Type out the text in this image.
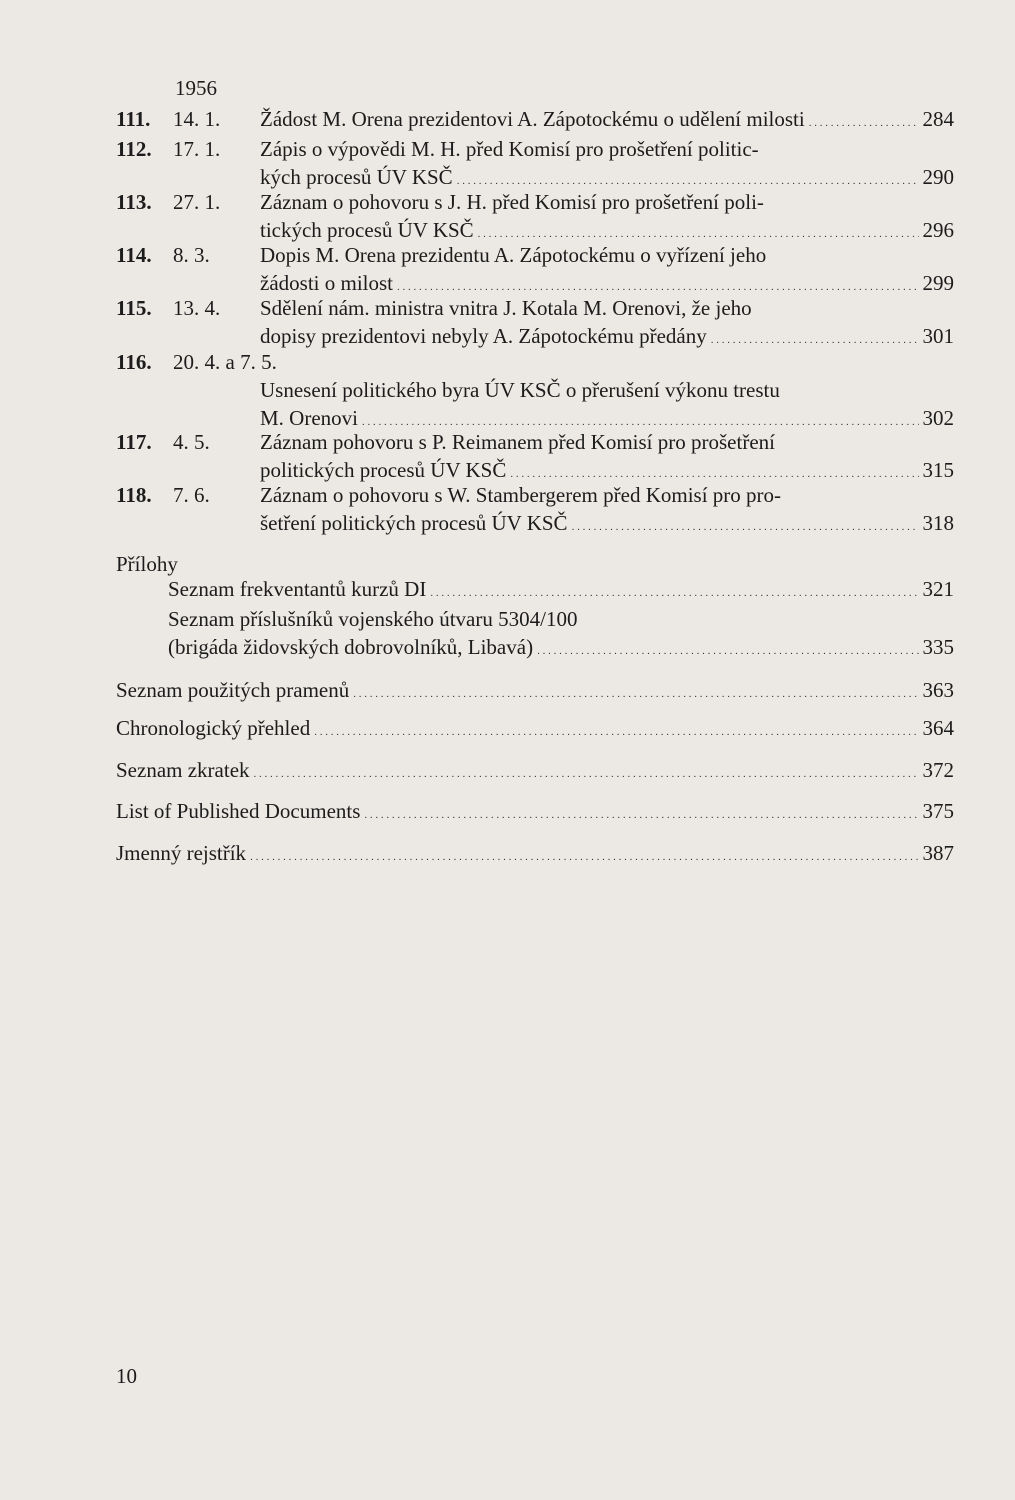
1956
111. 14. 1. Žádost M. Orena prezidentovi A. Zápotockému o udělení milosti . . .	284
112. 17. 1. Zápis o výpovědi M. H. před Komisí pro prošetření politic-
kých procesů ÚV KSČ . . .	290
113. 27. 1. Záznam o pohovoru s J. H. před Komisí pro prošetření poli-
tických procesů ÚV KSČ . . .	296
114. 8. 3. Dopis M. Orena prezidentu A. Zápotockému o vyřízení jeho
žádosti o milost . . .	299
115. 13. 4. Sdělení nám. ministra vnitra J. Kotala M. Orenovi, že jeho
dopisy prezidentovi nebyly A. Zápotockému předány . . .	301
116. 20. 4. a 7. 5.
Usnesení politického byra ÚV KSČ o přerušení výkonu trestu
M. Orenovi . . .	302
117. 4. 5. Záznam pohovoru s P. Reimanem před Komisí pro prošetření
politických procesů ÚV KSČ . . .	315
118. 7. 6. Záznam o pohovoru s W. Stambergerem před Komisí pro pro-
šetření politických procesů ÚV KSČ . . .	318
Přílohy
Seznam frekventantů kurzů DI . . .	321
Seznam příslušníků vojenského útvaru 5304/100
(brigáda židovských dobrovolníků, Libavá) . . .	335
Seznam použitých pramenů . . .	363
Chronologický přehled . . .	364
Seznam zkratek . . .	372
List of Published Documents . . .	375
Jmenný rejstřík . . .	387
10
